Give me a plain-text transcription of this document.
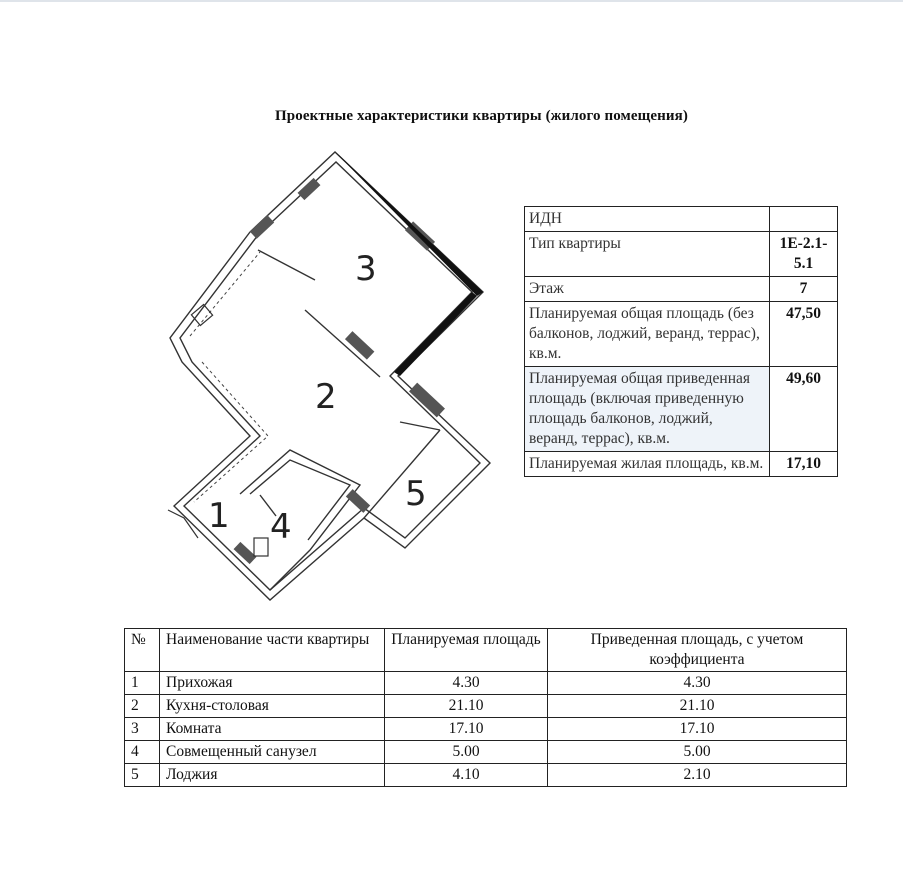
Проектные характеристики квартиры (жилого помещения)
3
2
1 4
5
ИДН	
Тип квартиры	1Е-2.1-5.1
Этаж	7
Планируемая общая площадь (без балконов, лоджий, веранд, террас), кв.м.	47,50
Планируемая общая приведенная площадь (включая приведенную площадь балконов, лоджий, веранд, террас), кв.м.	49,60
Планируемая жилая площадь, кв.м.	17,10
№	Наименование части квартиры	Планируемая площадь	Приведенная площадь, с учетом коэффициента
1	Прихожая	4.30	4.30
2	Кухня-столовая	21.10	21.10
3	Комната	17.10	17.10
4	Совмещенный санузел	5.00	5.00
5	Лоджия	4.10	2.10
